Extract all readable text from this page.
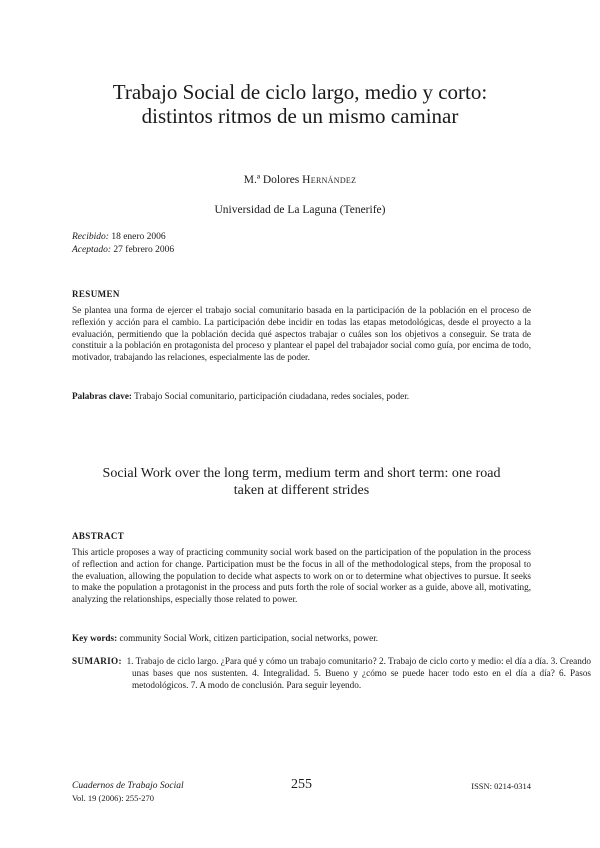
Trabajo Social de ciclo largo, medio y corto:
distintos ritmos de un mismo caminar
M.ª Dolores Hernández
Universidad de La Laguna (Tenerife)
Recibido: 18 enero 2006
Aceptado: 27 febrero 2006
RESUMEN

Se plantea una forma de ejercer el trabajo social comunitario basada en la participación de la población en el proceso de reflexión y acción para el cambio. La participación debe incidir en todas las etapas metodológicas, desde el proyecto a la evaluación, permitiendo que la población decida qué aspectos trabajar o cuáles son los objetivos a conseguir. Se trata de constituir a la población en protagonista del proceso y plantear el papel del trabajador social como guía, por encima de todo, motivador, trabajando las relaciones, especialmente las de poder.

Palabras clave: Trabajo Social comunitario, participación ciudadana, redes sociales, poder.

Social Work over the long term, medium term and short term: one road
taken at different strides
ABSTRACT

This article proposes a way of practicing community social work based on the participation of the population in the process of reflection and action for change. Participation must be the focus in all of the methodological steps, from the proposal to the evaluation, allowing the population to decide what aspects to work on or to determine what objectives to pursue. It seeks to make the population a protagonist in the process and puts forth the role of social worker as a guide, above all, motivating, analyzing the relationships, especially those related to power.

Key words: community Social Work, citizen participation, social networks, power.

SUMARIO: 1. Trabajo de ciclo largo. ¿Para qué y cómo un trabajo comunitario? 2. Trabajo de ciclo corto y medio: el día a día. 3. Creando unas bases que nos sustenten. 4. Integralidad. 5. Bueno y ¿cómo se puede hacer todo esto en el día a día? 6. Pasos metodológicos. 7. A modo de conclusión. Para seguir leyendo.

Cuadernos de Trabajo Social
Vol. 19 (2006): 255-270
255	ISSN: 0214-0314
